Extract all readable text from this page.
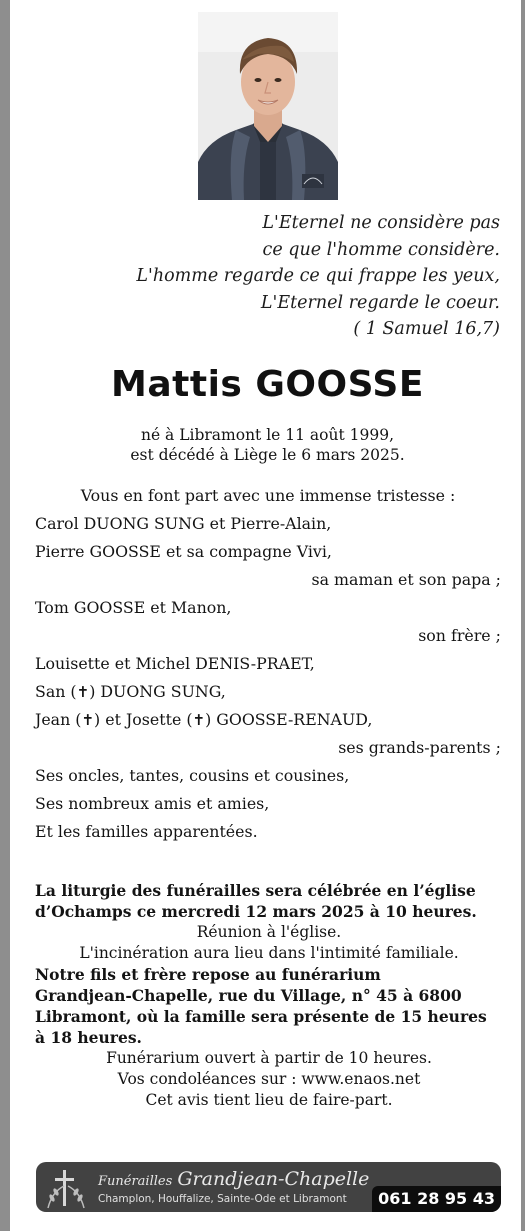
L'Eternel ne considère pas
ce que l'homme considère.
L'homme regarde ce qui frappe les yeux,
L'Eternel regarde le coeur.
( 1 Samuel 16,7)
Mattis GOOSSE
né à Libramont le 11 août 1999,
est décédé à Liège le 6 mars 2025.
Vous en font part avec une immense tristesse :
Carol DUONG SUNG et Pierre-Alain,
Pierre GOOSSE et sa compagne Vivi,
sa maman et son papa ;
Tom GOOSSE et Manon,
son frère ;
Louisette et Michel DENIS-PRAET,
San (✝) DUONG SUNG,
Jean (✝) et Josette (✝) GOOSSE-RENAUD,
ses grands-parents ;
Ses oncles, tantes, cousins et cousines,
Ses nombreux amis et amies,
Et les familles apparentées.
La liturgie des funérailles sera célébrée en l’église
d’Ochamps ce mercredi 12 mars 2025 à 10 heures.
Réunion à l'église.
L'incinération aura lieu dans l'intimité familiale.
Notre fils et frère repose au funérarium
Grandjean-Chapelle, rue du Village, n° 45 à 6800
Libramont, où la famille sera présente de 15 heures
à 18 heures.
Funérarium ouvert à partir de 10 heures.
Vos condoléances sur : www.enaos.net
Cet avis tient lieu de faire-part.
Funérailles Grandjean-Chapelle
Champlon, Houffalize, Sainte-Ode et Libramont	061 28 95 43
